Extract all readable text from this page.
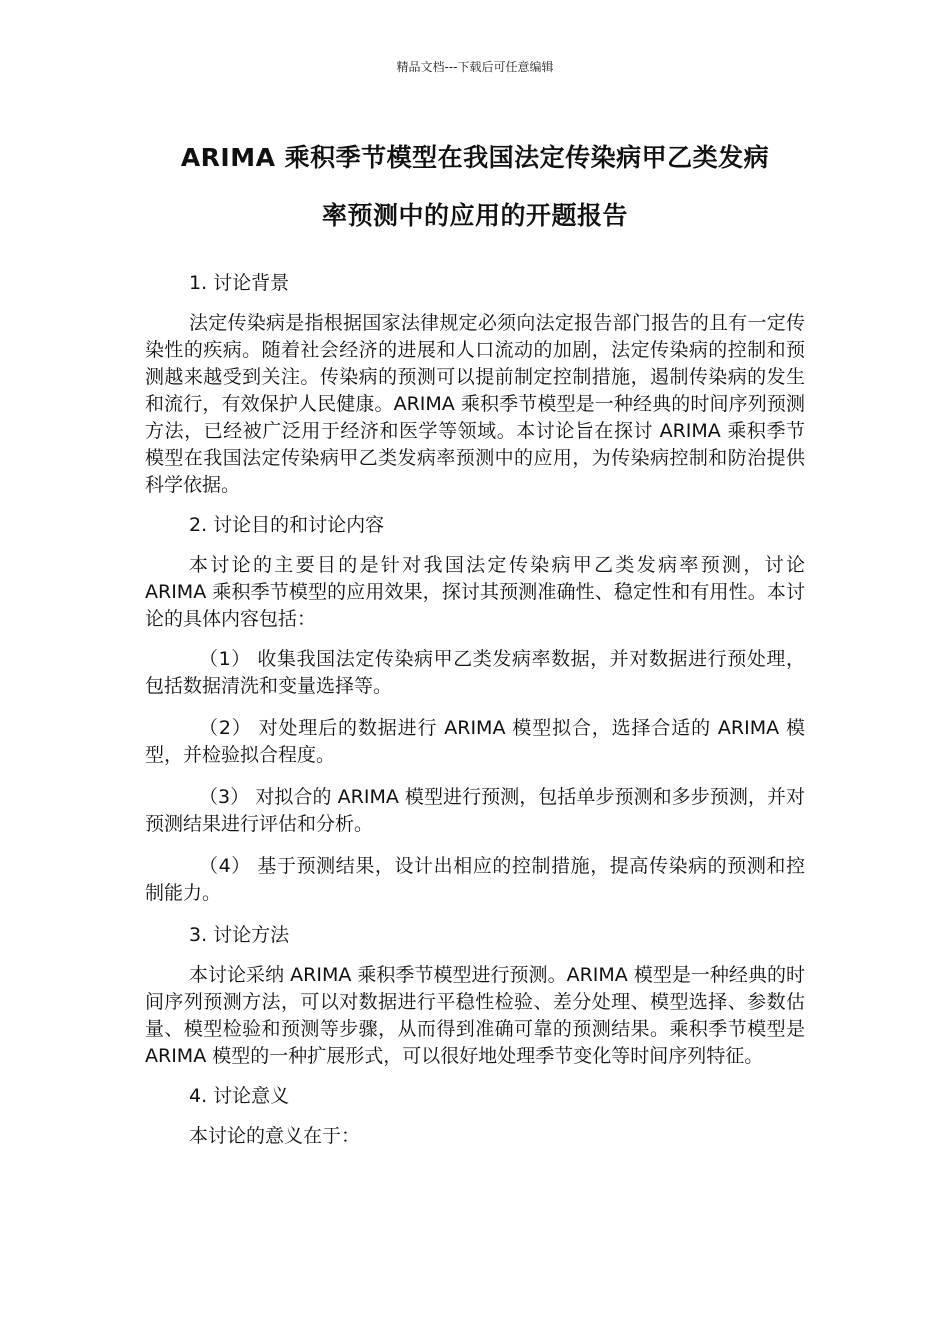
精品文档---下载后可任意编辑
ARIMA 乘积季节模型在我国法定传染病甲乙类发病
率预测中的应用的开题报告

1. 讨论背景

法定传染病是指根据国家法律规定必须向法定报告部门报告的且有一定传染性的疾病。随着社会经济的进展和人口流动的加剧，法定传染病的控制和预测越来越受到关注。传染病的预测可以提前制定控制措施，遏制传染病的发生和流行，有效保护人民健康。ARIMA 乘积季节模型是一种经典的时间序列预测方法，已经被广泛用于经济和医学等领域。本讨论旨在探讨 ARIMA 乘积季节模型在我国法定传染病甲乙类发病率预测中的应用，为传染病控制和防治提供科学依据。

2. 讨论目的和讨论内容

本讨论的主要目的是针对我国法定传染病甲乙类发病率预测，讨论 ARIMA 乘积季节模型的应用效果，探讨其预测准确性、稳定性和有用性。本讨论的具体内容包括：

（1） 收集我国法定传染病甲乙类发病率数据，并对数据进行预处理，包括数据清洗和变量选择等。

（2） 对处理后的数据进行 ARIMA 模型拟合，选择合适的 ARIMA 模型，并检验拟合程度。

（3） 对拟合的 ARIMA 模型进行预测，包括单步预测和多步预测，并对预测结果进行评估和分析。

（4） 基于预测结果，设计出相应的控制措施，提高传染病的预测和控制能力。

3. 讨论方法

本讨论采纳 ARIMA 乘积季节模型进行预测。ARIMA 模型是一种经典的时间序列预测方法，可以对数据进行平稳性检验、差分处理、模型选择、参数估量、模型检验和预测等步骤，从而得到准确可靠的预测结果。乘积季节模型是 ARIMA 模型的一种扩展形式，可以很好地处理季节变化等时间序列特征。

4. 讨论意义

本讨论的意义在于：
